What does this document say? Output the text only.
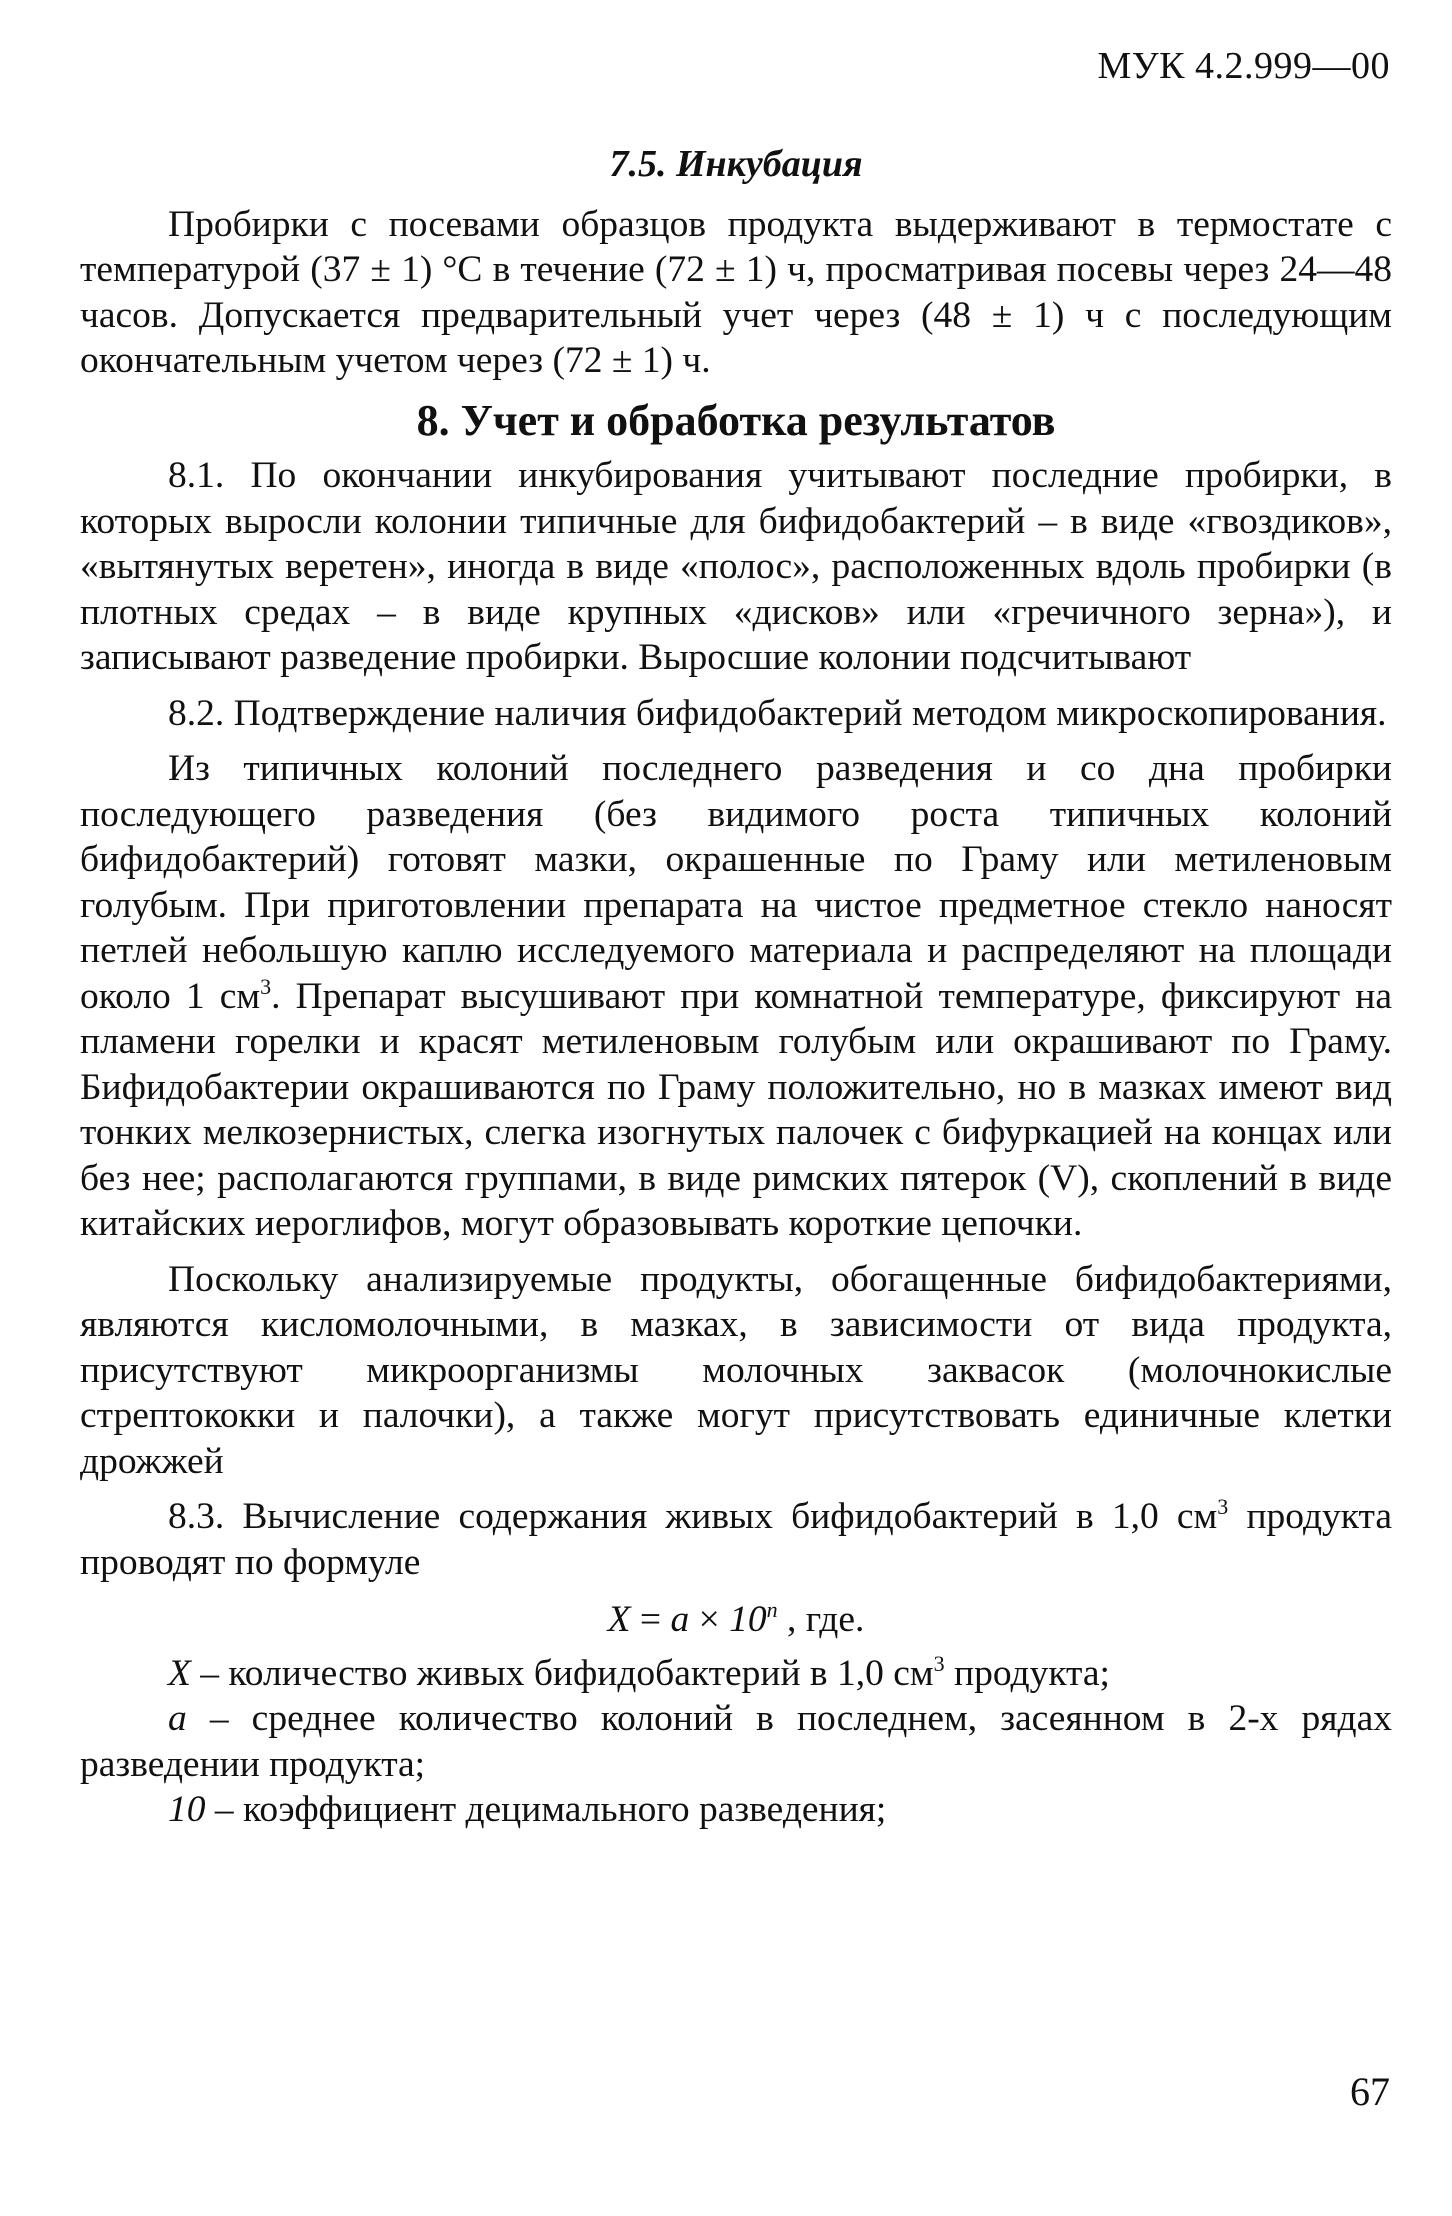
МУК 4.2.999—00
7.5. Инкубация

Пробирки с посевами образцов продукта выдерживают в термостате с температурой (37 ± 1) °С в течение (72 ± 1) ч, просматривая посевы через 24—48 часов. Допускается предварительный учет через (48 ± 1) ч с последующим окончательным учетом через (72 ± 1) ч.

8. Учет и обработка результатов

8.1. По окончании инкубирования учитывают последние пробирки, в которых выросли колонии типичные для бифидобактерий – в виде «гвоздиков», «вытянутых веретен», иногда в виде «полос», расположенных вдоль пробирки (в плотных средах – в виде крупных «дисков» или «гречичного зерна»), и записывают разведение пробирки. Выросшие колонии подсчитывают

8.2. Подтверждение наличия бифидобактерий методом микроскопирования.

Из типичных колоний последнего разведения и со дна пробирки последующего разведения (без видимого роста типичных колоний бифидобактерий) готовят мазки, окрашенные по Граму или метиленовым голубым. При приготовлении препарата на чистое предметное стекло наносят петлей небольшую каплю исследуемого материала и распределяют на площади около 1 $см^3$. Препарат высушивают при комнатной температуре, фиксируют на пламени горелки и красят метиленовым голубым или окрашивают по Граму. Бифидобактерии окрашиваются по Граму положительно, но в мазках имеют вид тонких мелкозернистых, слегка изогнутых палочек с бифуркацией на концах или без нее; располагаются группами, в виде римских пятерок (V), скоплений в виде китайских иероглифов, могут образовывать короткие цепочки.

Поскольку анализируемые продукты, обогащенные бифидобактериями, являются кисломолочными, в мазках, в зависимости от вида продукта, присутствуют микроорганизмы молочных заквасок (молочнокислые стрептококки и палочки), а также могут присутствовать единичные клетки дрожжей

8.3. Вычисление содержания живых бифидобактерий в 1,0 $см^3$ продукта проводят по формуле

$X = a \times 10^n$ , где.

X – количество живых бифидобактерий в 1,0 $см^3$ продукта;

a – среднее количество колоний в последнем, засеянном в 2-х рядах разведении продукта;

10 – коэффициент децимального разведения;

67
